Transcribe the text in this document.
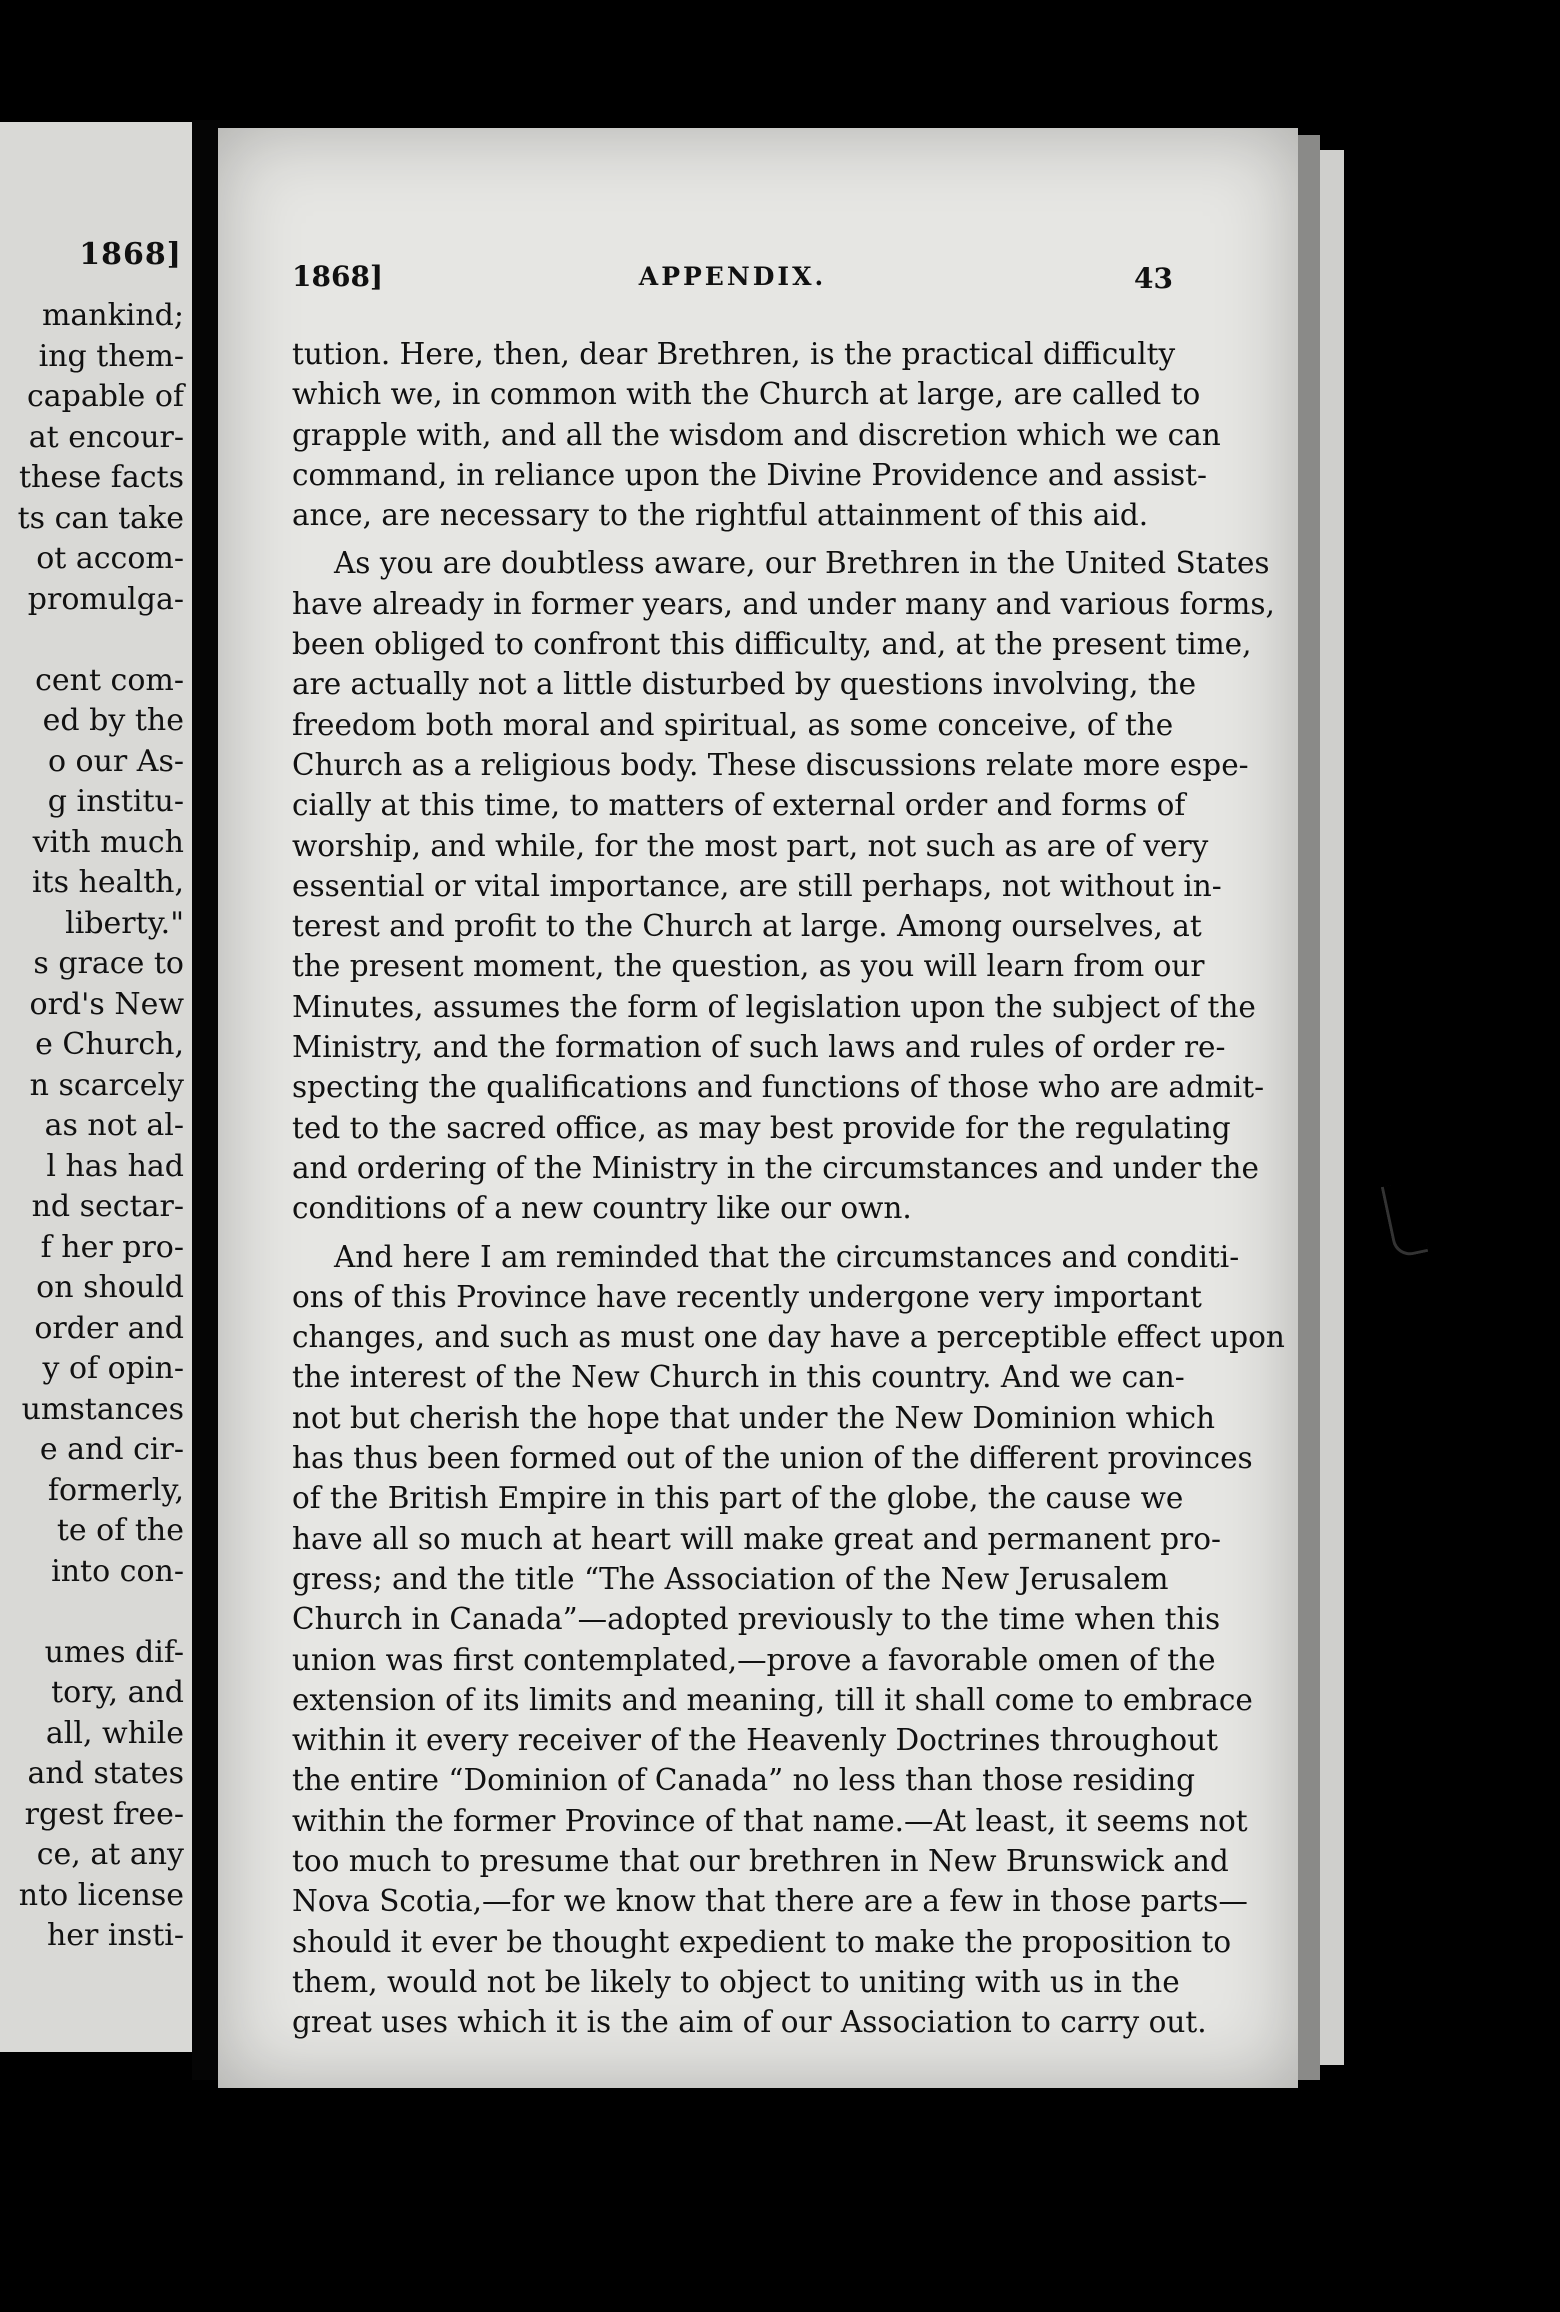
1868]
mankind;
ing them-
capable of
at encour-
these facts
ts can take
ot accom-
promulga-
cent com-
ed by the
o our As-
g institu-
vith much
its health,
liberty."
s grace to
ord's New
e Church,
n scarcely
as not al-
l has had
nd sectar-
f her pro-
on should
order and
y of opin-
umstances
e and cir-
formerly,
te of the
into con-
umes dif-
tory, and
all, while
and states
rgest free-
ce, at any
nto license
her insti-
1868]	APPENDIX.	43
tution. Here, then, dear Brethren, is the practical difficulty
which we, in common with the Church at large, are called to
grapple with, and all the wisdom and discretion which we can
command, in reliance upon the Divine Providence and assist-
ance, are necessary to the rightful attainment of this aid.
As you are doubtless aware, our Brethren in the United States
have already in former years, and under many and various forms,
been obliged to confront this difficulty, and, at the present time,
are actually not a little disturbed by questions involving, the
freedom both moral and spiritual, as some conceive, of the
Church as a religious body. These discussions relate more espe-
cially at this time, to matters of external order and forms of
worship, and while, for the most part, not such as are of very
essential or vital importance, are still perhaps, not without in-
terest and profit to the Church at large. Among ourselves, at
the present moment, the question, as you will learn from our
Minutes, assumes the form of legislation upon the subject of the
Ministry, and the formation of such laws and rules of order re-
specting the qualifications and functions of those who are admit-
ted to the sacred office, as may best provide for the regulating
and ordering of the Ministry in the circumstances and under the
conditions of a new country like our own.
And here I am reminded that the circumstances and conditi-
ons of this Province have recently undergone very important
changes, and such as must one day have a perceptible effect upon
the interest of the New Church in this country. And we can-
not but cherish the hope that under the New Dominion which
has thus been formed out of the union of the different provinces
of the British Empire in this part of the globe, the cause we
have all so much at heart will make great and permanent pro-
gress; and the title “The Association of the New Jerusalem
Church in Canada”—adopted previously to the time when this
union was first contemplated,—prove a favorable omen of the
extension of its limits and meaning, till it shall come to embrace
within it every receiver of the Heavenly Doctrines throughout
the entire “Dominion of Canada” no less than those residing
within the former Province of that name.—At least, it seems not
too much to presume that our brethren in New Brunswick and
Nova Scotia,—for we know that there are a few in those parts—
should it ever be thought expedient to make the proposition to
them, would not be likely to object to uniting with us in the
great uses which it is the aim of our Association to carry out.
